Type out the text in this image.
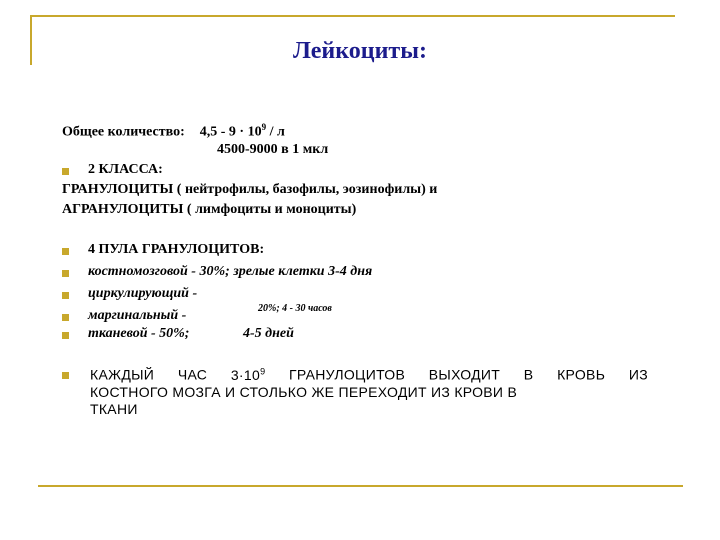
Лейкоциты:
Общее количество: $4,5 - 9 \cdot 10^9 / л$
4500-9000 в 1 мкл
2 КЛАССА:
ГРАНУЛОЦИТЫ ( нейтрофилы, базофилы, эозинофилы) и
АГРАНУЛОЦИТЫ ( лимфоциты и моноциты)
4 ПУЛА ГРАНУЛОЦИТОВ:
костномозговой - 30%; зрелые клетки 3-4 дня
циркулирующий -
маргинальный -	20%; 4 - 30 часов
тканевой - 50%;	4-5 дней
КАЖДЫЙ ЧАС $3\cdot 10^9$ ГРАНУЛОЦИТОВ ВЫХОДИТ В КРОВЬ ИЗ
КОСТНОГО МОЗГА И СТОЛЬКО ЖЕ ПЕРЕХОДИТ ИЗ КРОВИ В
ТКАНИ
